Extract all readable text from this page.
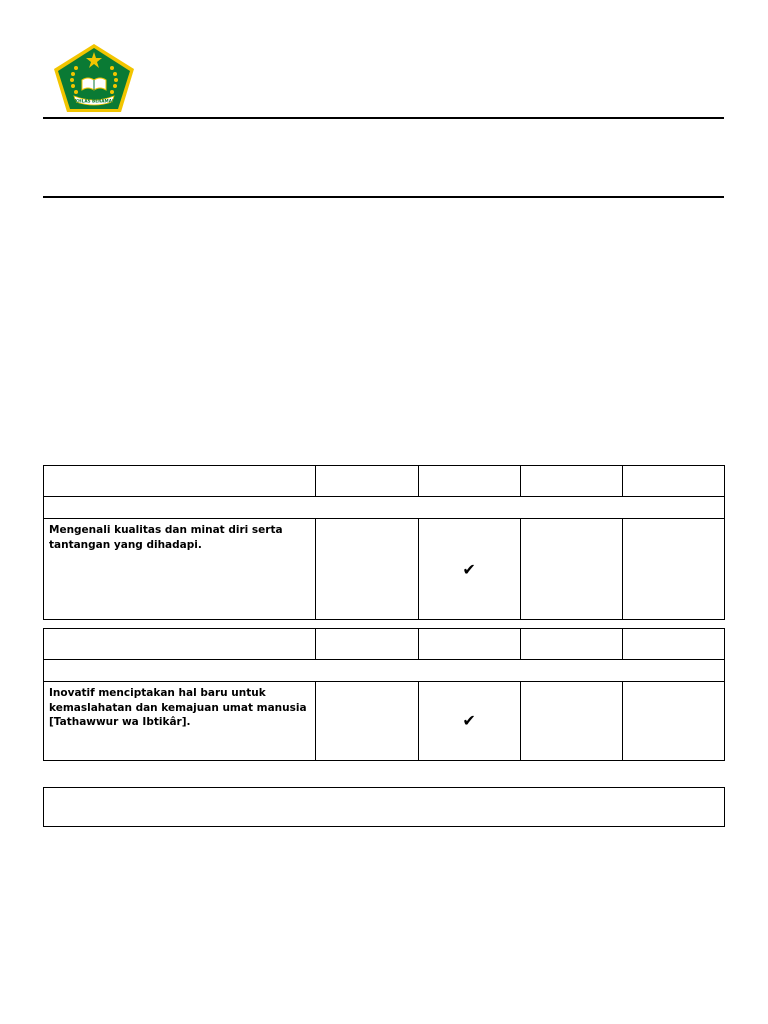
IKHLAS BERAMAL

Mengenali kualitas dan minat diri serta tantangan yang dihadapi.		✔		

Inovatif menciptakan hal baru untuk kemaslahatan dan kemajuan umat manusia [Tathawwur wa Ibtikâr].		✔		
